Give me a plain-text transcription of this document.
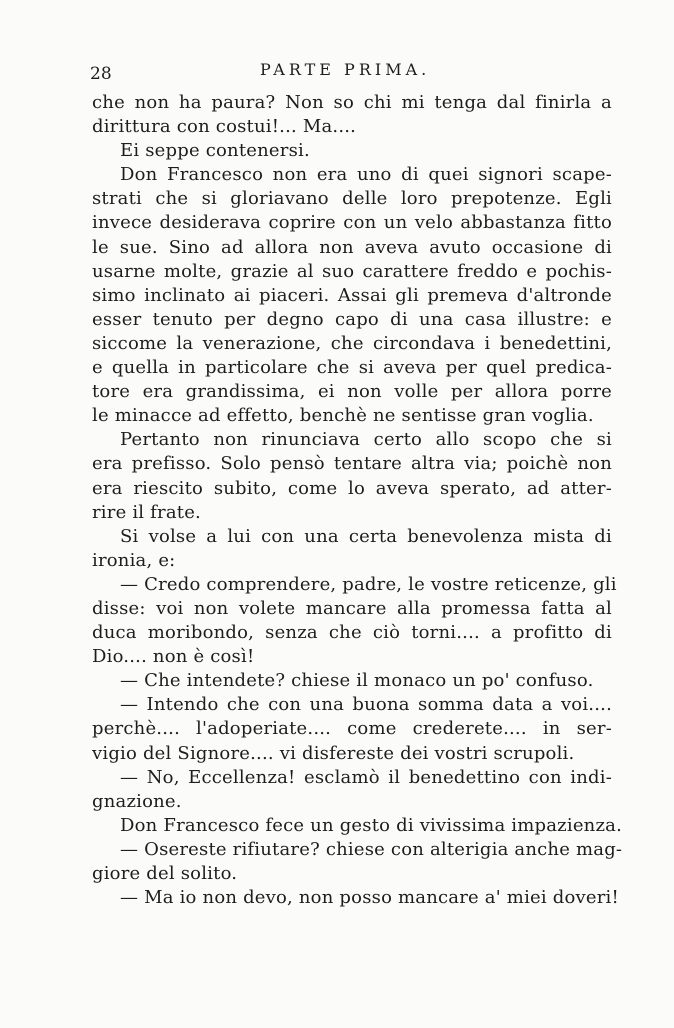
28	PARTE PRIMA.
che non ha paura? Non so chi mi tenga dal finirla a
dirittura con costui!... Ma....
Ei seppe contenersi.
Don Francesco non era uno di quei signori scape-
strati che si gloriavano delle loro prepotenze. Egli
invece desiderava coprire con un velo abbastanza fitto
le sue. Sino ad allora non aveva avuto occasione di
usarne molte, grazie al suo carattere freddo e pochis-
simo inclinato ai piaceri. Assai gli premeva d'altronde
esser tenuto per degno capo di una casa illustre: e
siccome la venerazione, che circondava i benedettini,
e quella in particolare che si aveva per quel predica-
tore era grandissima, ei non volle per allora porre
le minacce ad effetto, benchè ne sentisse gran voglia.
Pertanto non rinunciava certo allo scopo che si
era prefisso. Solo pensò tentare altra via; poichè non
era riescito subito, come lo aveva sperato, ad atter-
rire il frate.
Si volse a lui con una certa benevolenza mista di
ironia, e:
— Credo comprendere, padre, le vostre reticenze, gli
disse: voi non volete mancare alla promessa fatta al
duca moribondo, senza che ciò torni.... a profitto di
Dio.... non è così!
— Che intendete? chiese il monaco un po' confuso.
— Intendo che con una buona somma data a voi....
perchè.... l'adoperiate.... come crederete.... in ser-
vigio del Signore.... vi disfereste dei vostri scrupoli.
— No, Eccellenza! esclamò il benedettino con indi-
gnazione.
Don Francesco fece un gesto di vivissima impazienza.
— Osereste rifiutare? chiese con alterigia anche mag-
giore del solito.
— Ma io non devo, non posso mancare a' miei doveri!
